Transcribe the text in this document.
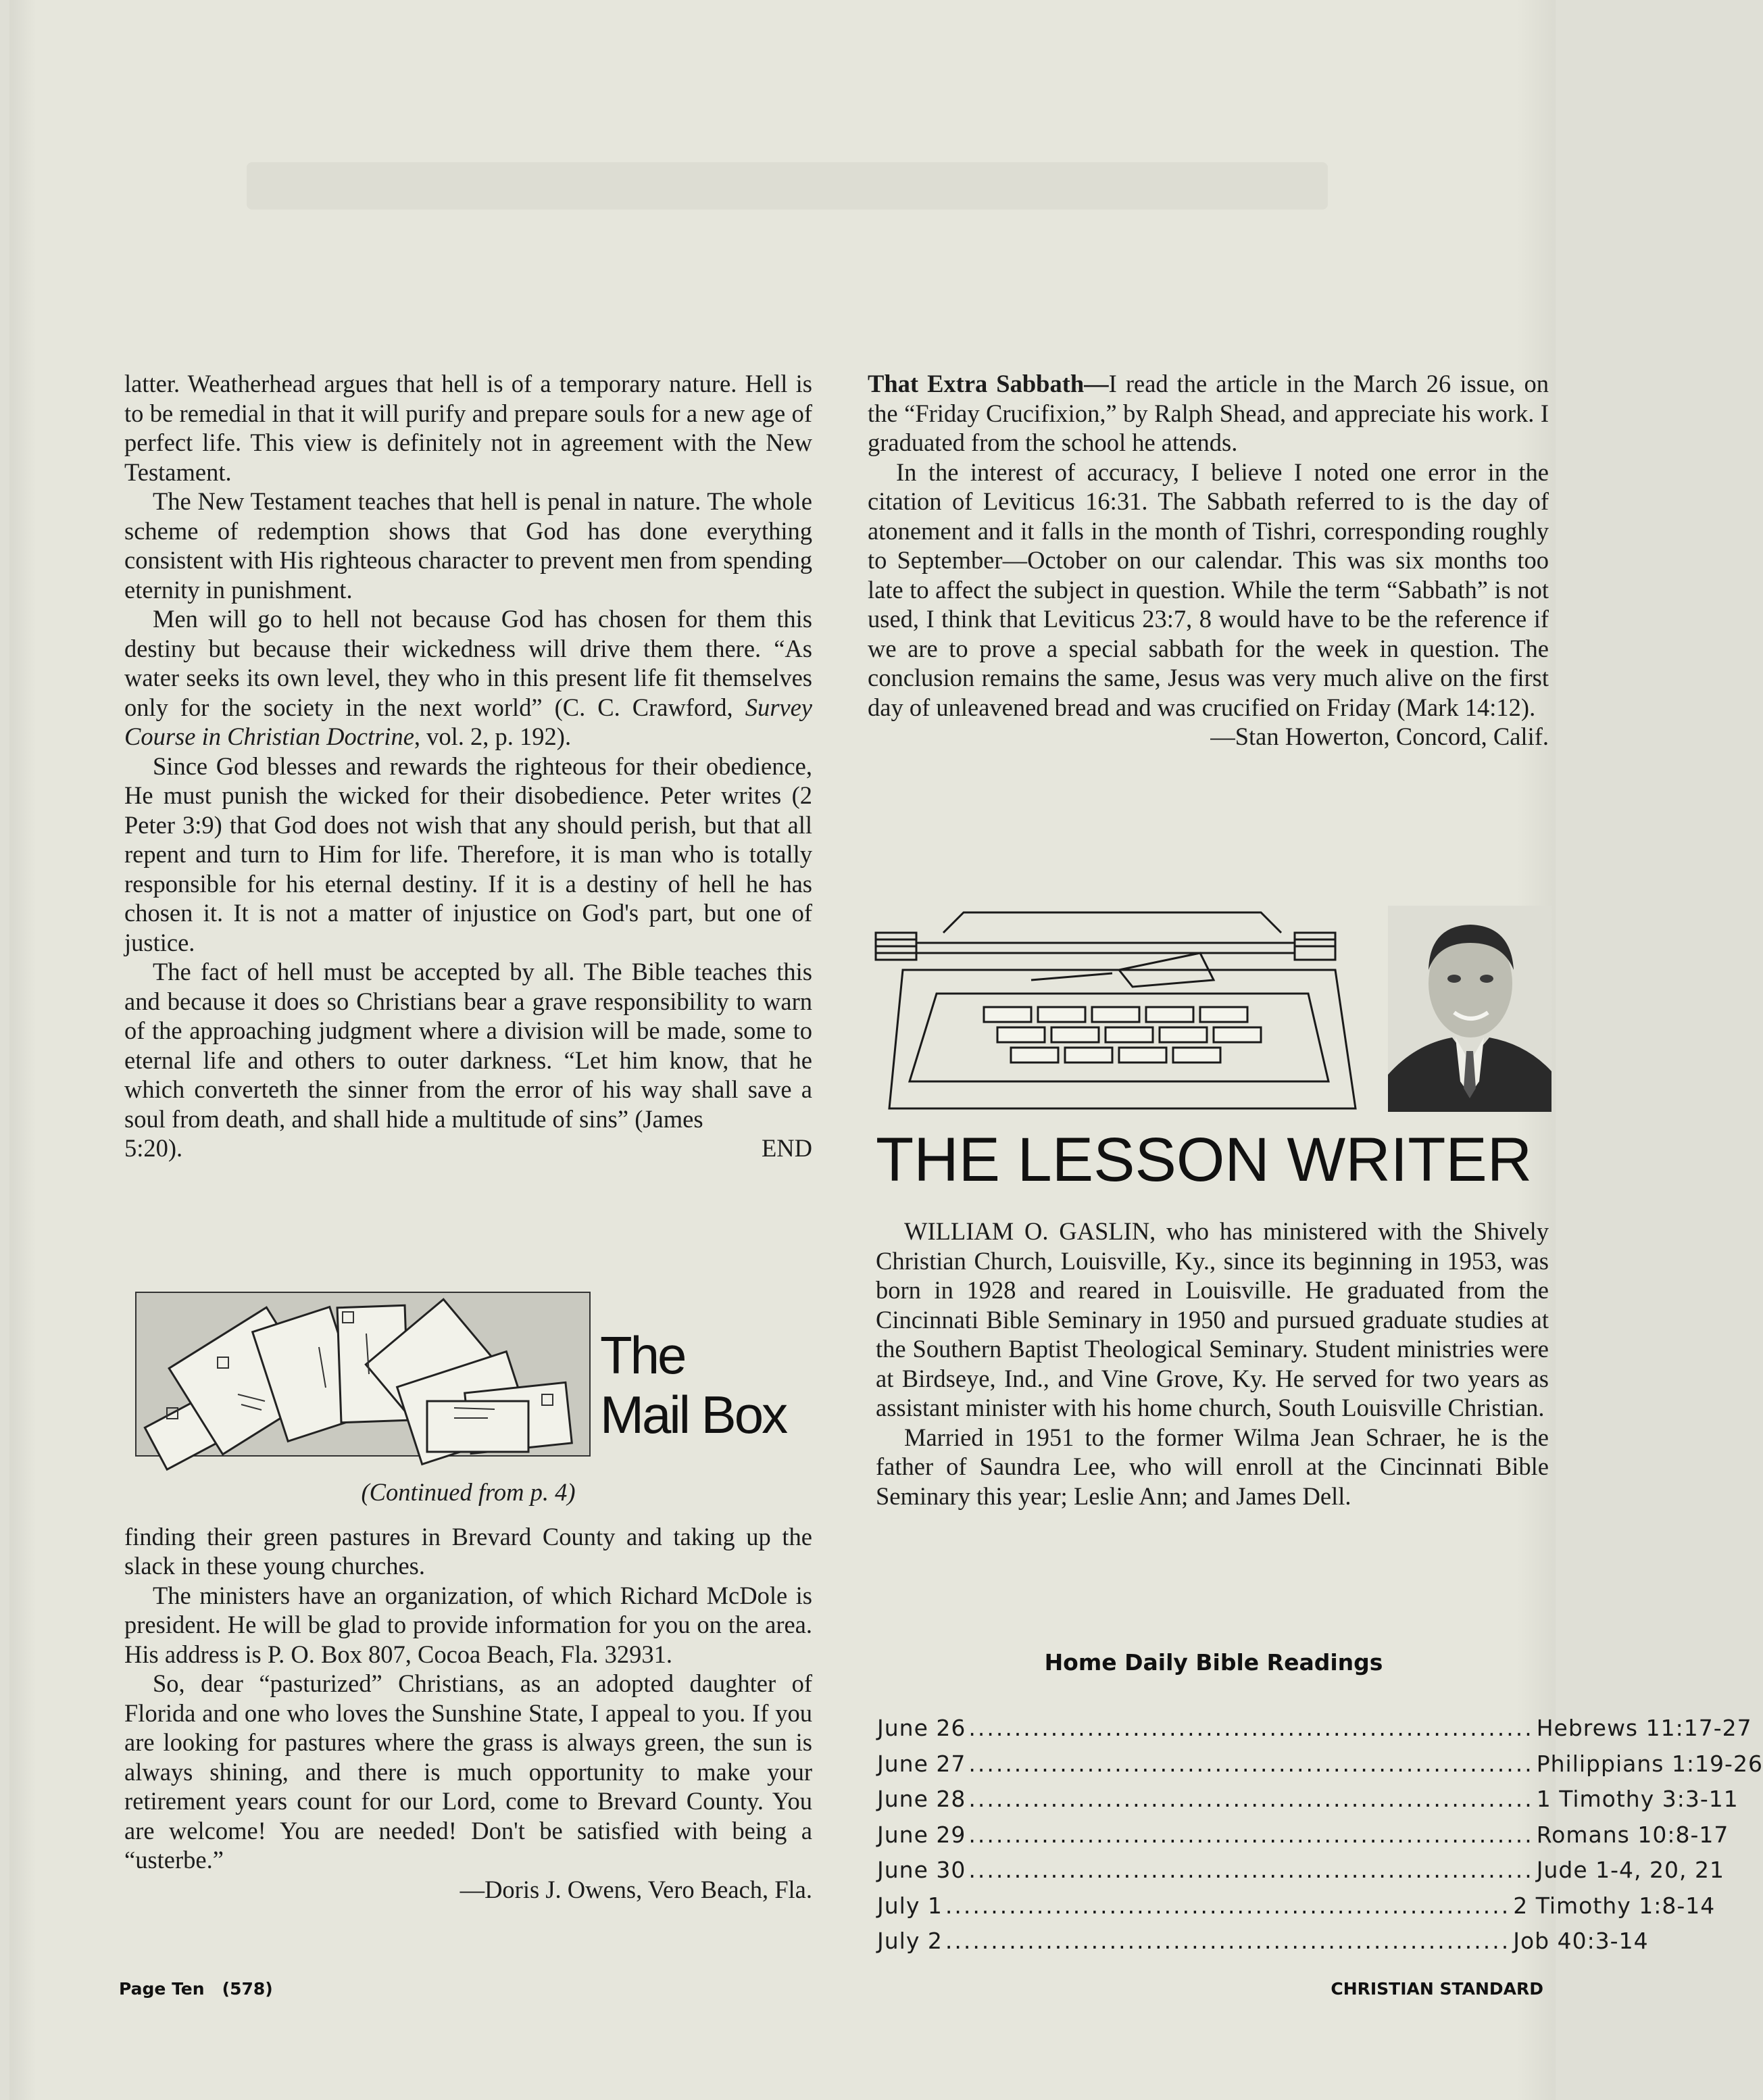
latter. Weatherhead argues that hell is of a temporary nature. Hell is to be remedial in that it will purify and prepare souls for a new age of perfect life. This view is definitely not in agreement with the New Testament.

The New Testament teaches that hell is penal in nature. The whole scheme of redemption shows that God has done everything consistent with His righteous character to prevent men from spending eternity in punishment.

Men will go to hell not because God has chosen for them this destiny but because their wickedness will drive them there. “As water seeks its own level, they who in this present life fit themselves only for the society in the next world” (C. C. Crawford, Survey Course in Christian Doctrine, vol. 2, p. 192).

Since God blesses and rewards the righteous for their obedience, He must punish the wicked for their disobedience. Peter writes (2 Peter 3:9) that God does not wish that any should perish, but that all repent and turn to Him for life. Therefore, it is man who is totally responsible for his eternal destiny. If it is a destiny of hell he has chosen it. It is not a matter of injustice on God's part, but one of justice.

The fact of hell must be accepted by all. The Bible teaches this and because it does so Christians bear a grave responsibility to warn of the approaching judgment where a division will be made, some to eternal life and others to outer darkness. “Let him know, that he which converteth the sinner from the error of his way shall save a soul from death, and shall hide a multitude of sins” (James

5:20).	END
The
Mail Box

(Continued from p. 4)

finding their green pastures in Brevard County and taking up the slack in these young churches.

The ministers have an organization, of which Richard McDole is president. He will be glad to provide information for you on the area. His address is P. O. Box 807, Cocoa Beach, Fla. 32931.

So, dear “pasturized” Christians, as an adopted daughter of Florida and one who loves the Sunshine State, I appeal to you. If you are looking for pastures where the grass is always green, the sun is always shining, and there is much opportunity to make your retirement years count for our Lord, come to Brevard County. You are welcome! You are needed! Don't be satisfied with being a “usterbe.”

—Doris J. Owens, Vero Beach, Fla.

That Extra Sabbath—I read the article in the March 26 issue, on the “Friday Crucifixion,” by Ralph Shead, and appreciate his work. I graduated from the school he attends.

In the interest of accuracy, I believe I noted one error in the citation of Leviticus 16:31. The Sabbath referred to is the day of atonement and it falls in the month of Tishri, corresponding roughly to September—October on our calendar. This was six months too late to affect the subject in question. While the term “Sabbath” is not used, I think that Leviticus 23:7, 8 would have to be the reference if we are to prove a special sabbath for the week in question. The conclusion remains the same, Jesus was very much alive on the first day of unleavened bread and was crucified on Friday (Mark 14:12).

—Stan Howerton, Concord, Calif.

THE LESSON WRITER

WILLIAM O. GASLIN, who has ministered with the Shively Christian Church, Louisville, Ky., since its beginning in 1953, was born in 1928 and reared in Louisville. He graduated from the Cincinnati Bible Seminary in 1950 and pursued graduate studies at the Southern Baptist Theological Seminary. Student ministries were at Birdseye, Ind., and Vine Grove, Ky. He served for two years as assistant minister with his home church, South Louisville Christian.

Married in 1951 to the former Wilma Jean Schraer, he is the father of Saundra Lee, who will enroll at the Cincinnati Bible Seminary this year; Leslie Ann; and James Dell.

Home Daily Bible Readings
June 26 .............................................................. Hebrews 11:17-27
June 27 .............................................................. Philippians 1:19-26
June 28 .............................................................. 1 Timothy 3:3-11
June 29 .............................................................. Romans 10:8-17
June 30 .............................................................. Jude 1-4, 20, 21
July 1 .............................................................. 2 Timothy 1:8-14
July 2 .............................................................. Job 40:3-14
Page Ten   (578)	CHRISTIAN STANDARD
